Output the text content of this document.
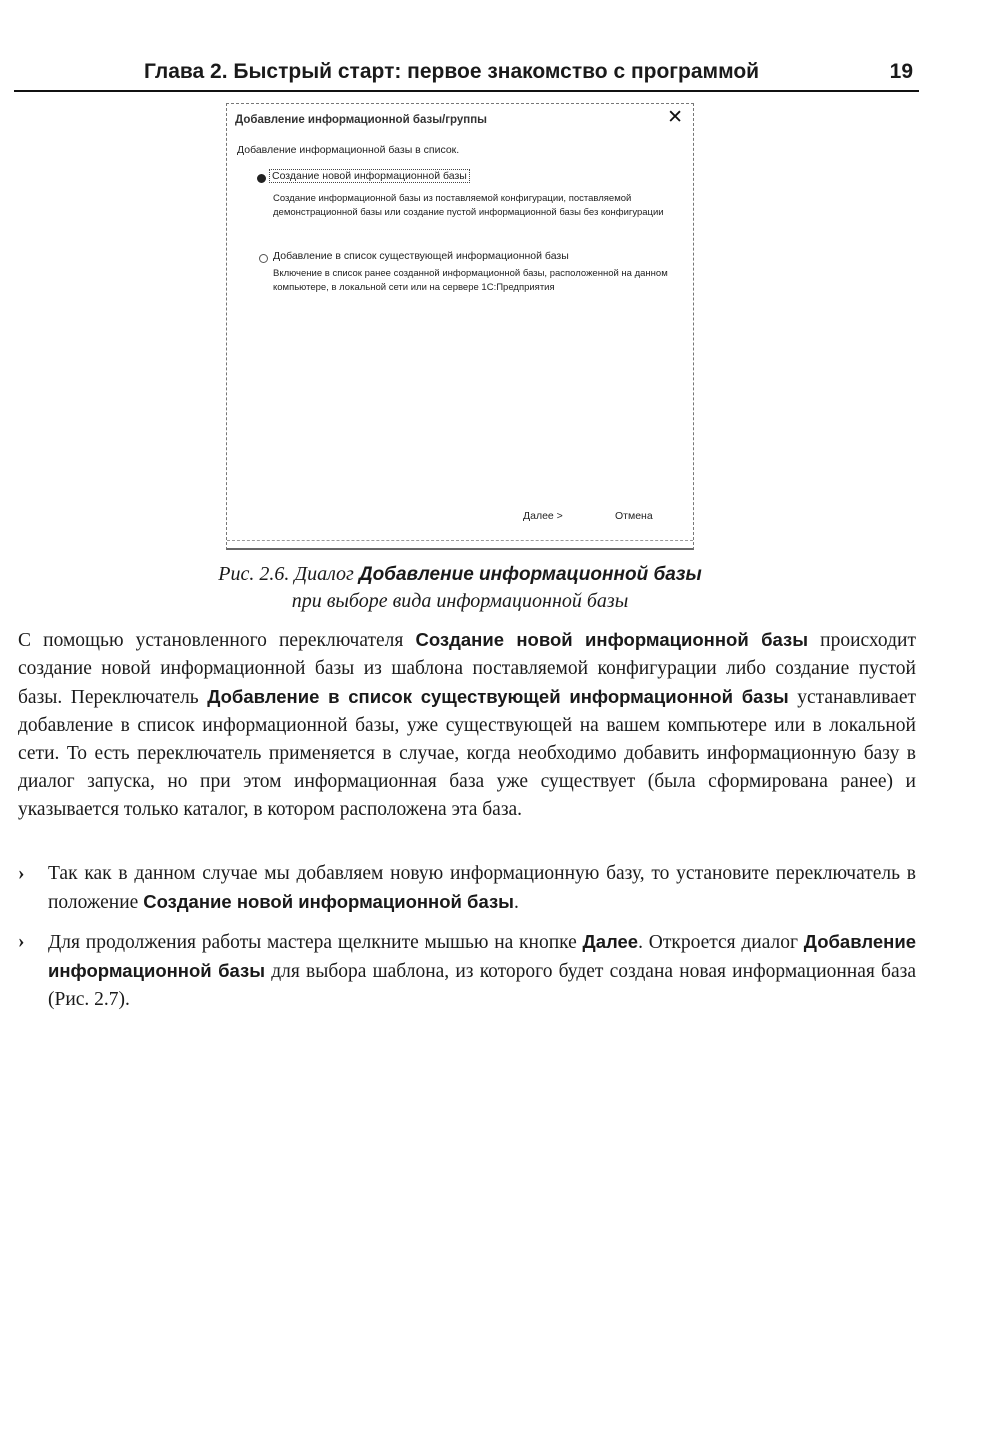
Глава 2. Быстрый старт: первое знакомство с программой	19
Добавление информационной базы/группы	✕
Добавление информационной базы в список.
Создание новой информационной базы
Создание информационной базы из поставляемой конфигурации, поставляемой демонстрационной базы или создание пустой информационной базы без конфигурации
Добавление в список существующей информационной базы
Включение в список ранее созданной информационной базы, расположенной на данном компьютере, в локальной сети или на сервере 1С:Предприятия
Далее >	Отмена
Рис. 2.6. Диалог Добавление информационной базы
при выборе вида информационной базы
С помощью установленного переключателя Создание новой информационной базы происходит создание новой информационной базы из шаблона поставляемой конфигурации либо создание пустой базы. Переключатель Добавление в список существующей информационной базы устанавливает добавление в список информационной базы, уже существующей на вашем компьютере или в локальной сети. То есть переключатель применяется в случае, когда необходимо добавить информационную базу в диалог запуска, но при этом информационная база уже существует (была сформирована ранее) и указывается только каталог, в котором расположена эта база.
› Так как в данном случае мы добавляем новую информационную базу, то установите переключатель в положение Создание новой информационной базы.
› Для продолжения работы мастера щелкните мышью на кнопке Далее. Откроется диалог Добавление информационной базы для выбора шаблона, из которого будет создана новая информационная база (Рис. 2.7).
